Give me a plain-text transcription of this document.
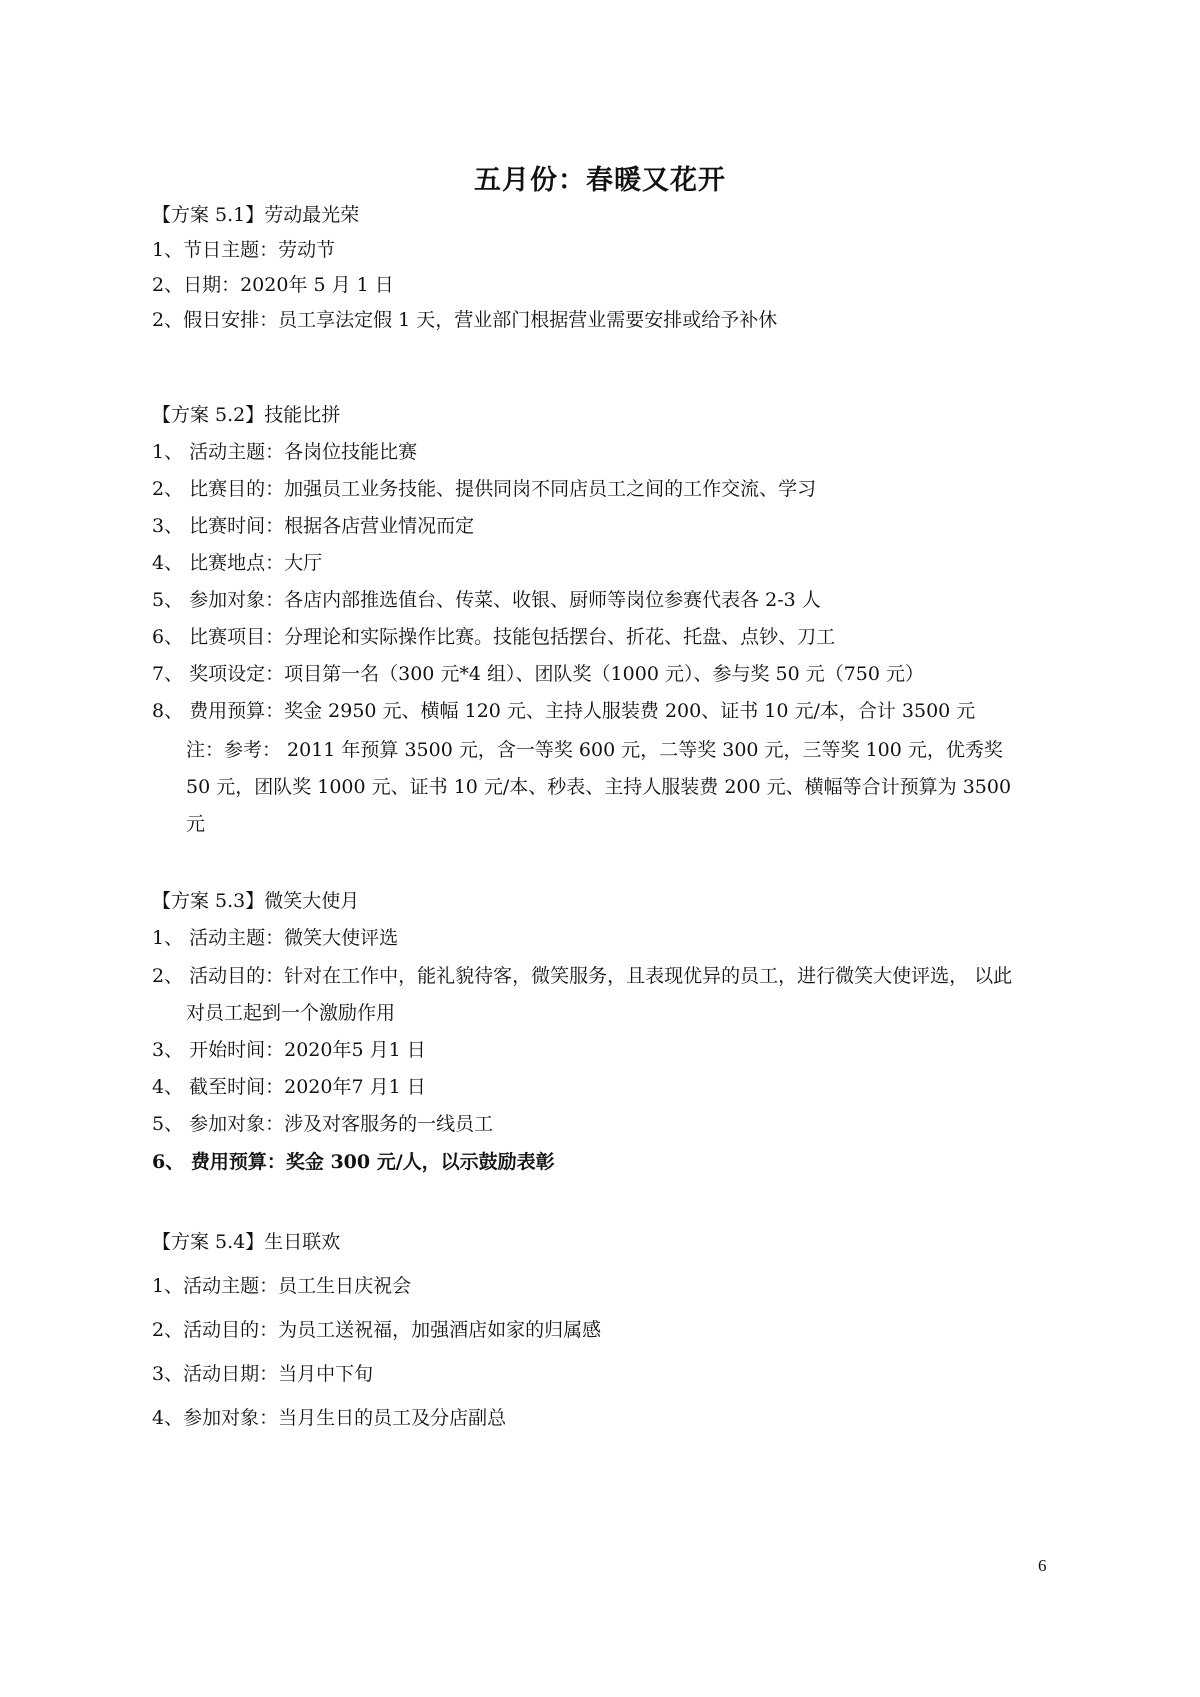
五月份：春暖又花开
【方案 5.1】劳动最光荣
1、节日主题：劳动节
2、日期：2020年 5 月 1 日
2、假日安排：员工享法定假 1 天，营业部门根据营业需要安排或给予补休
【方案 5.2】技能比拼
1、 活动主题：各岗位技能比赛
2、 比赛目的：加强员工业务技能、提供同岗不同店员工之间的工作交流、学习
3、 比赛时间：根据各店营业情况而定
4、 比赛地点：大厅
5、 参加对象：各店内部推选值台、传菜、收银、厨师等岗位参赛代表各 2-3 人
6、 比赛项目：分理论和实际操作比赛。技能包括摆台、折花、托盘、点钞、刀工
7、 奖项设定：项目第一名（300 元*4 组）、团队奖（1000 元）、参与奖 50 元（750 元）
8、 费用预算：奖金 2950 元、横幅 120 元、主持人服装费 200、证书 10 元/本，合计 3500 元
注：参考： 2011 年预算 3500 元，含一等奖 600 元，二等奖 300 元，三等奖 100 元，优秀奖
50 元，团队奖 1000 元、证书 10 元/本、秒表、主持人服装费 200 元、横幅等合计预算为 3500
元
【方案 5.3】微笑大使月
1、 活动主题：微笑大使评选
2、 活动目的：针对在工作中，能礼貌待客，微笑服务，且表现优异的员工，进行微笑大使评选， 以此
对员工起到一个激励作用
3、 开始时间：2020年5 月1 日
4、 截至时间：2020年7 月1 日
5、 参加对象：涉及对客服务的一线员工
6、 费用预算：奖金 300 元/人，以示鼓励表彰
【方案 5.4】生日联欢
1、活动主题：员工生日庆祝会
2、活动目的：为员工送祝福，加强酒店如家的归属感
3、活动日期：当月中下旬
4、参加对象：当月生日的员工及分店副总
6
